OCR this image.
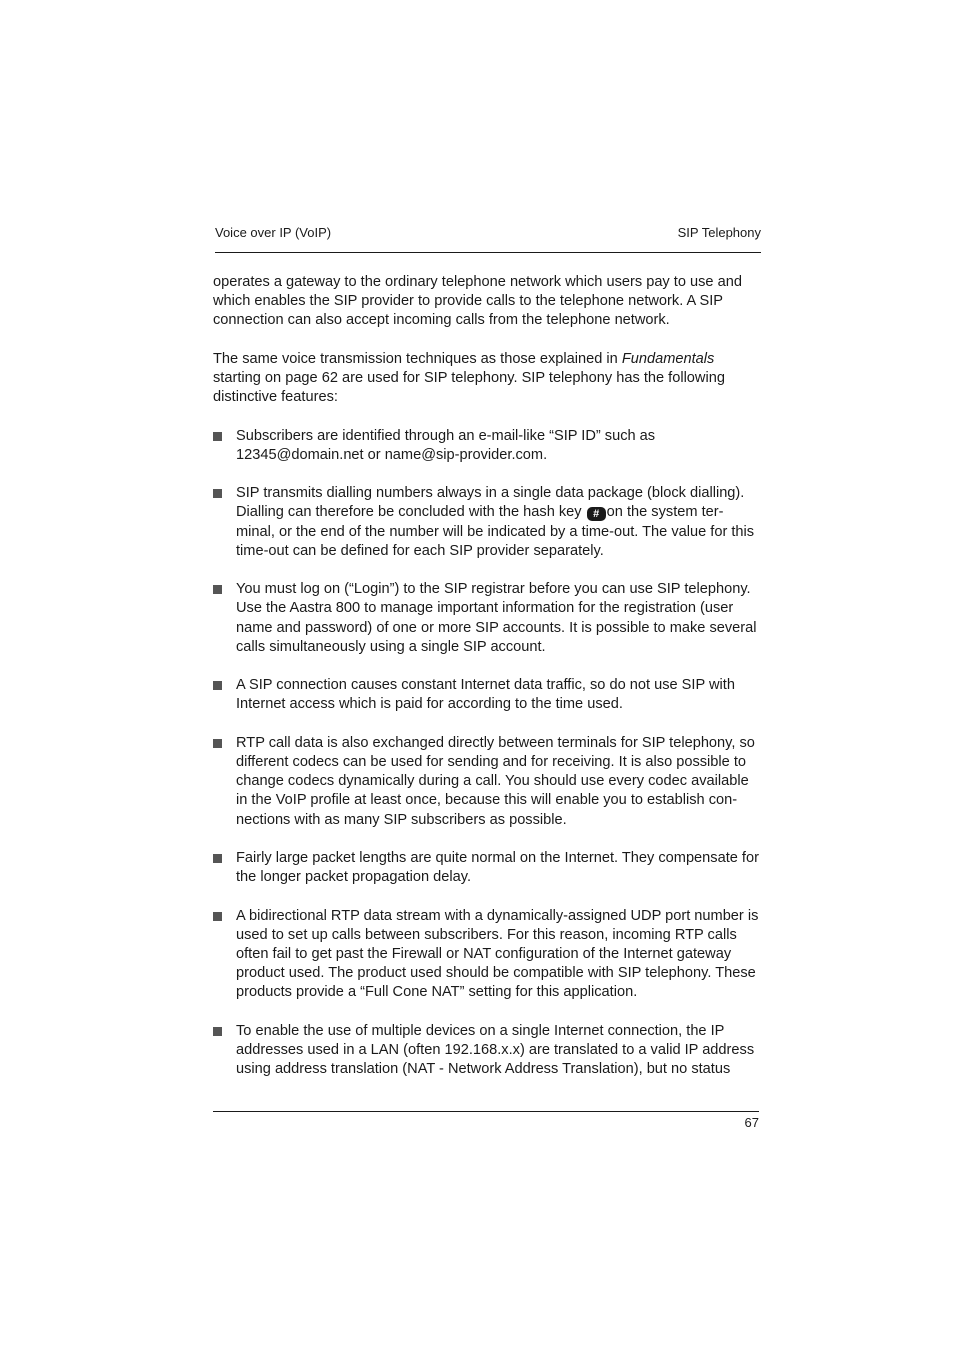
Voice over IP (VoIP)	SIP Telephony

operates a gateway to the ordinary telephone network which users pay to use and which enables the SIP provider to provide calls to the telephone network. A SIP connection can also accept incoming calls from the telephone network.

The same voice transmission techniques as those explained in Fundamentals starting on page 62 are used for SIP telephony. SIP telephony has the following distinctive features:

Subscribers are identified through an e-mail-like “SIP ID” such as 12345@domain.net or name@sip-provider.com.
SIP transmits dialling numbers always in a single data package (block dialling). Dialling can therefore be concluded with the hash key # on the system ter-minal, or the end of the number will be indicated by a time-out. The value for this time-out can be defined for each SIP provider separately.
You must log on (“Login”) to the SIP registrar before you can use SIP telephony. Use the Aastra 800 to manage important information for the registration (user name and password) of one or more SIP accounts. It is possible to make several calls simultaneously using a single SIP account.
A SIP connection causes constant Internet data traffic, so do not use SIP with Internet access which is paid for according to the time used.
RTP call data is also exchanged directly between terminals for SIP telephony, so different codecs can be used for sending and for receiving. It is also possible to change codecs dynamically during a call. You should use every codec available in the VoIP profile at least once, because this will enable you to establish con-nections with as many SIP subscribers as possible.
Fairly large packet lengths are quite normal on the Internet. They compensate for the longer packet propagation delay.
A bidirectional RTP data stream with a dynamically-assigned UDP port number is used to set up calls between subscribers. For this reason, incoming RTP calls often fail to get past the Firewall or NAT configuration of the Internet gateway product used. The product used should be compatible with SIP telephony. These products provide a “Full Cone NAT” setting for this application.
To enable the use of multiple devices on a single Internet connection, the IP addresses used in a LAN (often 192.168.x.x) are translated to a valid IP address using address translation (NAT - Network Address Translation), but no status
67
